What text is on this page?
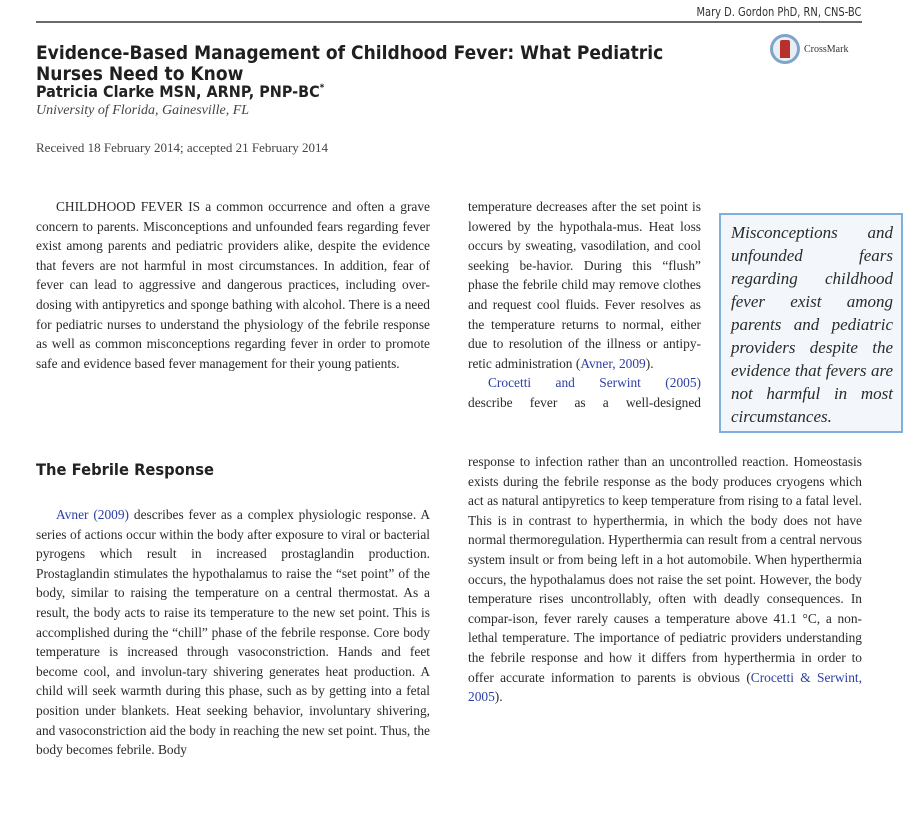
Mary D. Gordon PhD, RN, CNS-BC
Evidence-Based Management of Childhood Fever: What Pediatric Nurses Need to Know
CrossMark
Patricia Clarke MSN, ARNP, PNP-BC*
University of Florida, Gainesville, FL
Received 18 February 2014; accepted 21 February 2014

CHILDHOOD FEVER IS a common occurrence and often a grave concern to parents. Misconceptions and unfounded fears regarding fever exist among parents and pediatric providers alike, despite the evidence that fevers are not harmful in most circumstances. In addition, fear of fever can lead to aggressive and dangerous practices, including over-dosing with antipyretics and sponge bathing with alcohol. There is a need for pediatric nurses to understand the physiology of the febrile response as well as common misconceptions regarding fever in order to promote safe and evidence based fever management for their young patients.

The Febrile Response

Avner (2009) describes fever as a complex physiologic response. A series of actions occur within the body after exposure to viral or bacterial pyrogens which result in increased prostaglandin production. Prostaglandin stimulates the hypothalamus to raise the “set point” of the body, similar to raising the temperature on a central thermostat. As a result, the body acts to raise its temperature to the new set point. This is accomplished during the “chill” phase of the febrile response. Core body temperature is increased through vasoconstriction. Hands and feet become cool, and involun-tary shivering generates heat production. A child will seek warmth during this phase, such as by getting into a fetal position under blankets. Heat seeking behavior, involuntary shivering, and vasoconstriction aid the body in reaching the new set point. Thus, the body becomes febrile. Body

temperature decreases after the set point is lowered by the hypothala-mus. Heat loss occurs by sweating, vasodilation, and cool seeking be-havior. During this “flush” phase the febrile child may remove clothes and request cool fluids. Fever resolves as the temperature returns to normal, either due to resolution of the illness or antipy-retic administration (Avner, 2009).

Crocetti and Serwint (2005)

describe fever as a well-designed

Misconceptions and unfounded fears regarding childhood fever exist among parents and pediatric providers despite the evidence that fevers are not harmful in most circumstances.

response to infection rather than an uncontrolled reaction. Homeostasis exists during the febrile response as the body produces cryogens which act as natural antipyretics to keep temperature from rising to a fatal level. This is in contrast to hyperthermia, in which the body does not have normal thermoregulation. Hyperthermia can result from a central nervous system insult or from being left in a hot automobile. When hyperthermia occurs, the hypothalamus does not raise the set point. However, the body temperature rises uncontrollably, often with deadly consequences. In compar-ison, fever rarely causes a temperature above 41.1 °C, a non-lethal temperature. The importance of pediatric providers understanding the febrile response and how it differs from hyperthermia in order to offer accurate information to parents is obvious (Crocetti & Serwint, 2005).
